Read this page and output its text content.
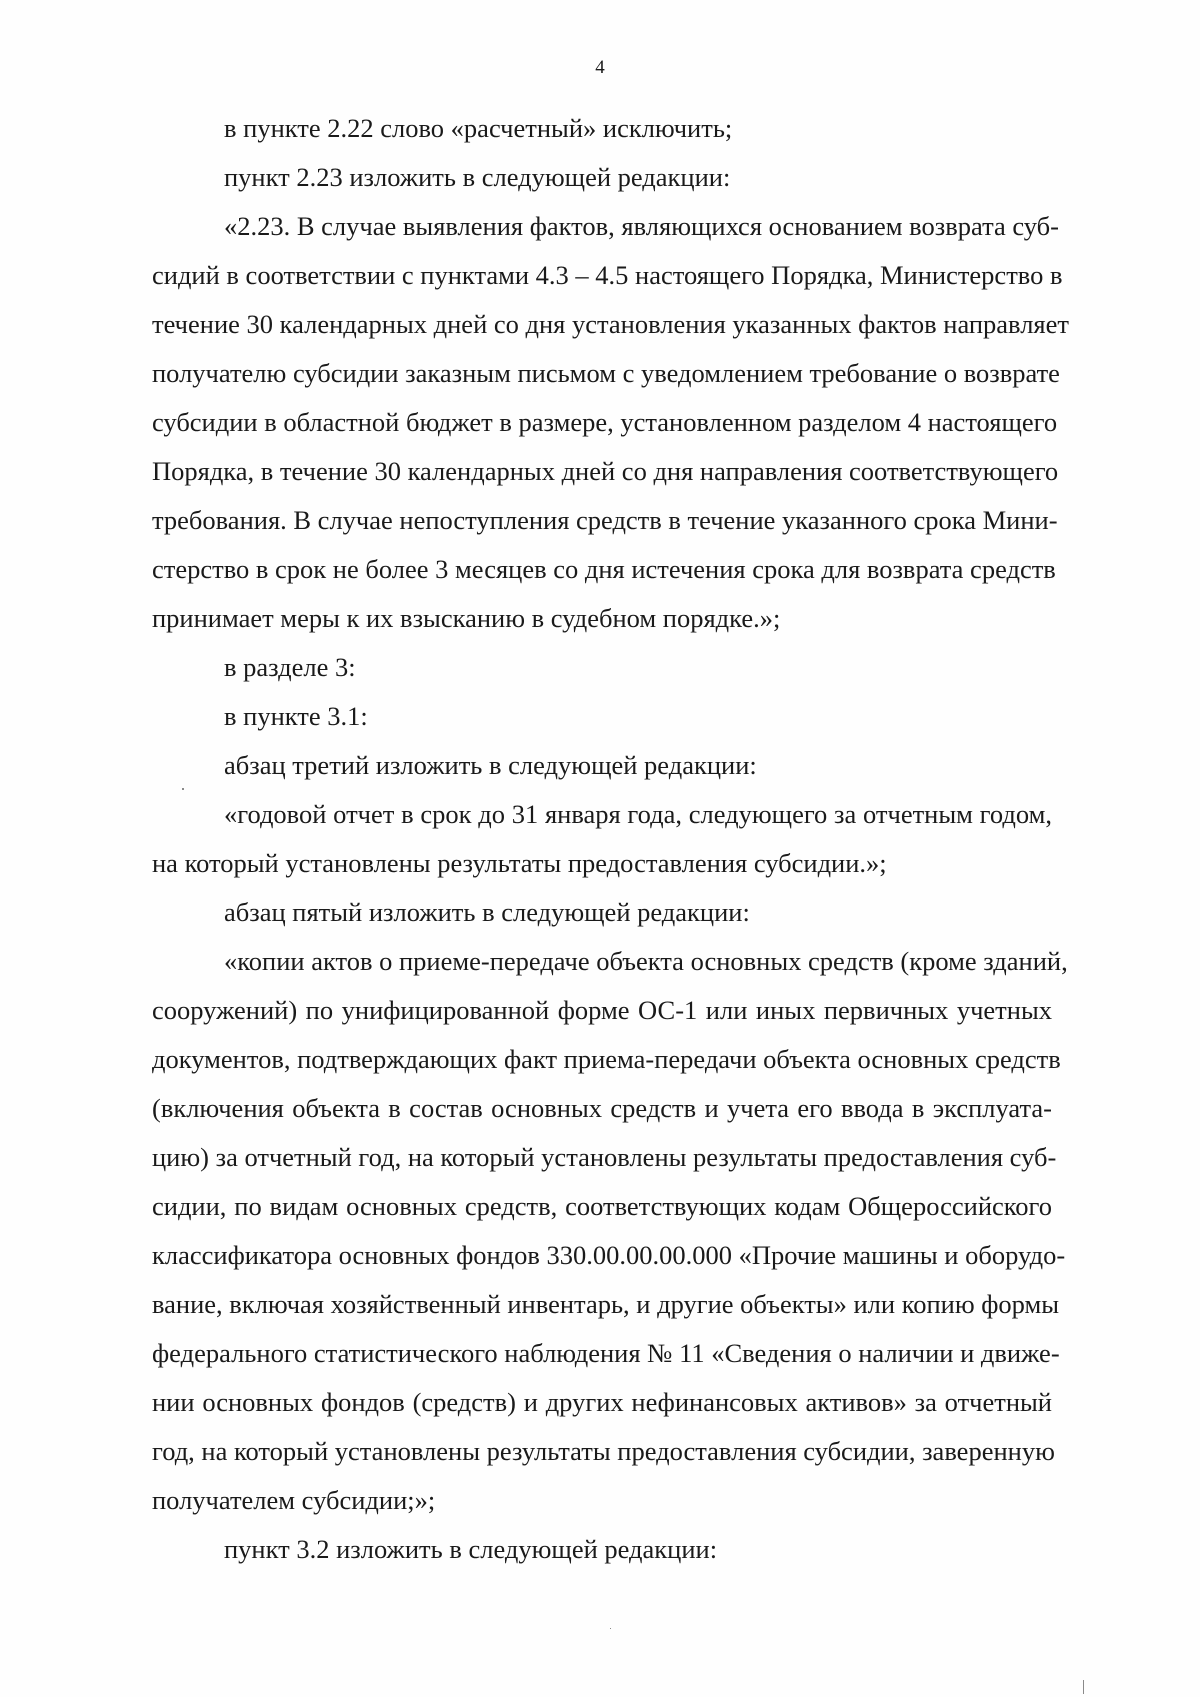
4
в пункте 2.22 слово «расчетный» исключить;
пункт 2.23 изложить в следующей редакции:
«2.23. В случае выявления фактов, являющихся основанием возврата суб-
сидий в соответствии с пунктами 4.3 – 4.5 настоящего Порядка, Министерство в
течение 30 календарных дней со дня установления указанных фактов направляет
получателю субсидии заказным письмом с уведомлением требование о возврате
субсидии в областной бюджет в размере, установленном разделом 4 настоящего
Порядка, в течение 30 календарных дней со дня направления соответствующего
требования. В случае непоступления средств в течение указанного срока Мини-
стерство в срок не более 3 месяцев со дня истечения срока для возврата средств
принимает меры к их взысканию в судебном порядке.»;
в разделе 3:
в пункте 3.1:
абзац третий изложить в следующей редакции:
«годовой отчет в срок до 31 января года, следующего за отчетным годом,
на который установлены результаты предоставления субсидии.»;
абзац пятый изложить в следующей редакции:
«копии актов о приеме-передаче объекта основных средств (кроме зданий,
сооружений) по унифицированной форме ОС-1 или иных первичных учетных
документов, подтверждающих факт приема-передачи объекта основных средств
(включения объекта в состав основных средств и учета его ввода в эксплуата-
цию) за отчетный год, на который установлены результаты предоставления суб-
сидии, по видам основных средств, соответствующих кодам Общероссийского
классификатора основных фондов 330.00.00.00.000 «Прочие машины и оборудо-
вание, включая хозяйственный инвентарь, и другие объекты» или копию формы
федерального статистического наблюдения № 11 «Сведения о наличии и движе-
нии основных фондов (средств) и других нефинансовых активов» за отчетный
год, на который установлены результаты предоставления субсидии, заверенную
получателем субсидии;»;
пункт 3.2 изложить в следующей редакции:
